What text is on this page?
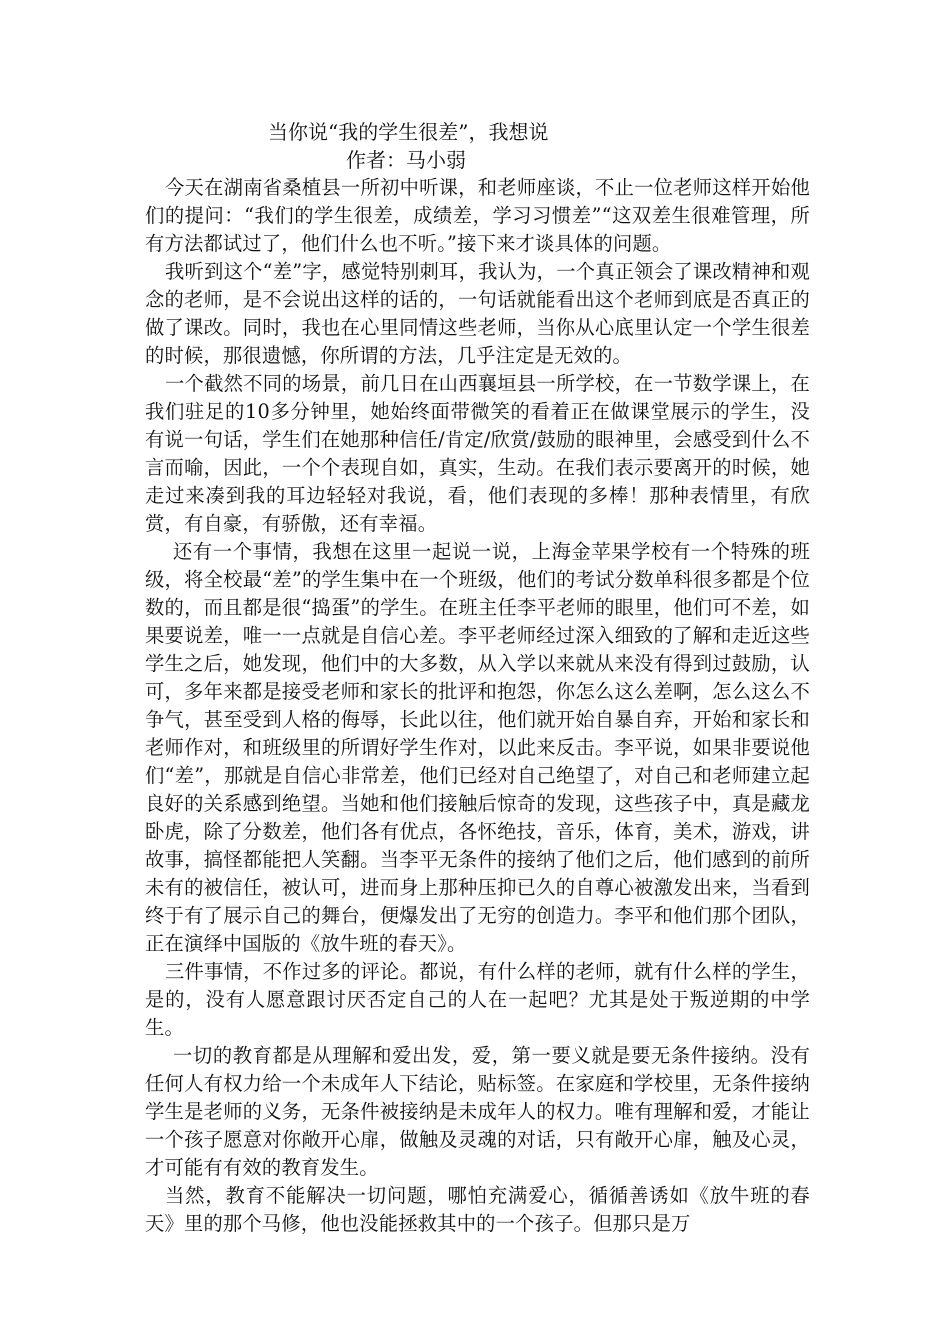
当你说“我的学生很差”，我想说
作者：马小弱

今天在湖南省桑植县一所初中听课，和老师座谈，不止一位老师这样开始他们的提问：“我们的学生很差，成绩差，学习习惯差”“这双差生很难管理，所有方法都试过了，他们什么也不听。”接下来才谈具体的问题。

我听到这个“差”字，感觉特别刺耳，我认为，一个真正领会了课改精神和观念的老师，是不会说出这样的话的，一句话就能看出这个老师到底是否真正的做了课改。同时，我也在心里同情这些老师，当你从心底里认定一个学生很差的时候，那很遗憾，你所谓的方法，几乎注定是无效的。

一个截然不同的场景，前几日在山西襄垣县一所学校，在一节数学课上，在我们驻足的10多分钟里，她始终面带微笑的看着正在做课堂展示的学生，没有说一句话，学生们在她那种信任/肯定/欣赏/鼓励的眼神里，会感受到什么不言而喻，因此，一个个表现自如，真实，生动。在我们表示要离开的时候，她走过来凑到我的耳边轻轻对我说，看，他们表现的多棒！那种表情里，有欣赏，有自豪，有骄傲，还有幸福。

还有一个事情，我想在这里一起说一说，上海金苹果学校有一个特殊的班级，将全校最“差”的学生集中在一个班级，他们的考试分数单科很多都是个位数的，而且都是很“捣蛋”的学生。在班主任李平老师的眼里，他们可不差，如果要说差，唯一一点就是自信心差。李平老师经过深入细致的了解和走近这些学生之后，她发现，他们中的大多数，从入学以来就从来没有得到过鼓励，认可，多年来都是接受老师和家长的批评和抱怨，你怎么这么差啊，怎么这么不争气，甚至受到人格的侮辱，长此以往，他们就开始自暴自弃，开始和家长和老师作对，和班级里的所谓好学生作对，以此来反击。李平说，如果非要说他们“差”，那就是自信心非常差，他们已经对自己绝望了，对自己和老师建立起良好的关系感到绝望。当她和他们接触后惊奇的发现，这些孩子中，真是藏龙卧虎，除了分数差，他们各有优点，各怀绝技，音乐，体育，美术，游戏，讲故事，搞怪都能把人笑翻。当李平无条件的接纳了他们之后，他们感到的前所未有的被信任，被认可，进而身上那种压抑已久的自尊心被激发出来，当看到终于有了展示自己的舞台，便爆发出了无穷的创造力。李平和他们那个团队，正在演绎中国版的《放牛班的春天》。

三件事情，不作过多的评论。都说，有什么样的老师，就有什么样的学生，是的，没有人愿意跟讨厌否定自己的人在一起吧？尤其是处于叛逆期的中学生。

一切的教育都是从理解和爱出发，爱，第一要义就是要无条件接纳。没有任何人有权力给一个未成年人下结论，贴标签。在家庭和学校里，无条件接纳学生是老师的义务，无条件被接纳是未成年人的权力。唯有理解和爱，才能让一个孩子愿意对你敞开心扉，做触及灵魂的对话，只有敞开心扉，触及心灵，才可能有有效的教育发生。

当然，教育不能解决一切问题，哪怕充满爱心，循循善诱如《放牛班的春天》里的那个马修，他也没能拯救其中的一个孩子。但那只是万
